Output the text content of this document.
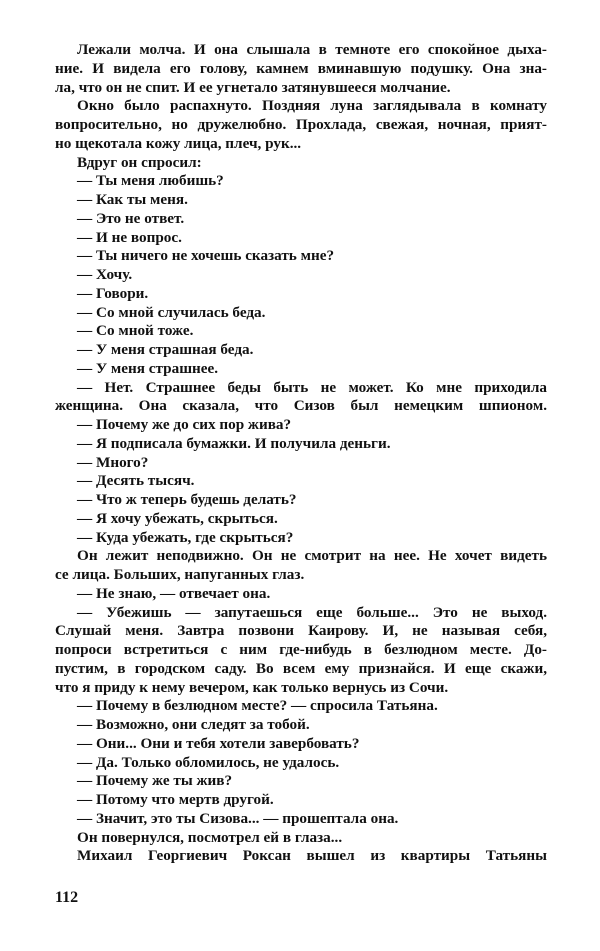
Лежали молча. И она слышала в темноте его спокойное дыха-
ние. И видела его голову, камнем вминавшую подушку. Она зна-
ла, что он не спит. И ее угнетало затянувшееся молчание.
Окно было распахнуто. Поздняя луна заглядывала в комнату
вопросительно, но дружелюбно. Прохлада, свежая, ночная, прият-
но щекотала кожу лица, плеч, рук...
Вдруг он спросил:
— Ты меня любишь?
— Как ты меня.
— Это не ответ.
— И не вопрос.
— Ты ничего не хочешь сказать мне?
— Хочу.
— Говори.
— Со мной случилась беда.
— Со мной тоже.
— У меня страшная беда.
— У меня страшнее.
— Нет. Страшнее беды быть не может. Ко мне приходила
женщина. Она сказала, что Сизов был немецким шпионом.
— Почему же до сих пор жива?
— Я подписала бумажки. И получила деньги.
— Много?
— Десять тысяч.
— Что ж теперь будешь делать?
— Я хочу убежать, скрыться.
— Куда убежать, где скрыться?
Он лежит неподвижно. Он не смотрит на нее. Не хочет видеть
се лица. Больших, напуганных глаз.
— Не знаю, — отвечает она.
— Убежишь — запутаешься еще больше... Это не выход.
Слушай меня. Завтра позвони Каирову. И, не называя себя,
попроси встретиться с ним где-нибудь в безлюдном месте. До-
пустим, в городском саду. Во всем ему признайся. И еще скажи,
что я приду к нему вечером, как только вернусь из Сочи.
— Почему в безлюдном месте? — спросила Татьяна.
— Возможно, они следят за тобой.
— Они... Они и тебя хотели завербовать?
— Да. Только обломилось, не удалось.
— Почему же ты жив?
— Потому что мертв другой.
— Значит, это ты Сизова... — прошептала она.
Он повернулся, посмотрел ей в глаза...
Михаил Георгиевич Роксан вышел из квартиры Татьяны
112
